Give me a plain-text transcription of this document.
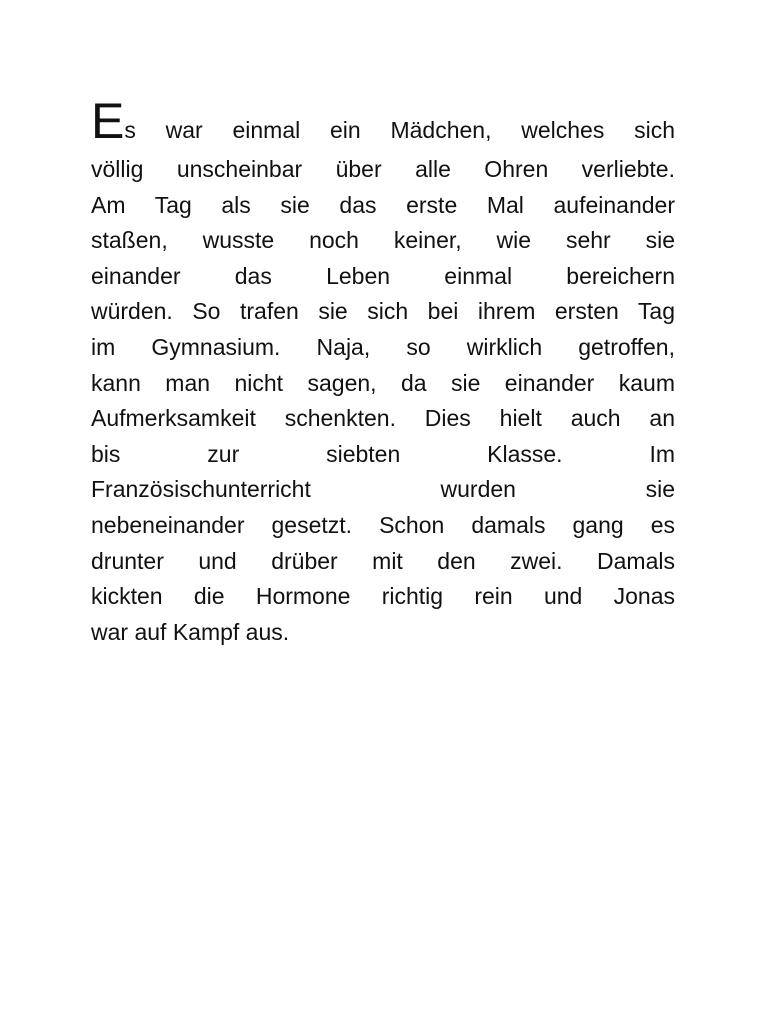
Es war einmal ein Mädchen, welches sich
völlig unscheinbar über alle Ohren verliebte.
Am Tag als sie das erste Mal aufeinander
staßen, wusste noch keiner, wie sehr sie
einander das Leben einmal bereichern
würden. So trafen sie sich bei ihrem ersten Tag
im Gymnasium. Naja, so wirklich getroffen,
kann man nicht sagen, da sie einander kaum
Aufmerksamkeit schenkten. Dies hielt auch an
bis zur siebten Klasse. Im
Französischunterricht wurden sie
nebeneinander gesetzt. Schon damals gang es
drunter und drüber mit den zwei. Damals
kickten die Hormone richtig rein und Jonas
war auf Kampf aus.
